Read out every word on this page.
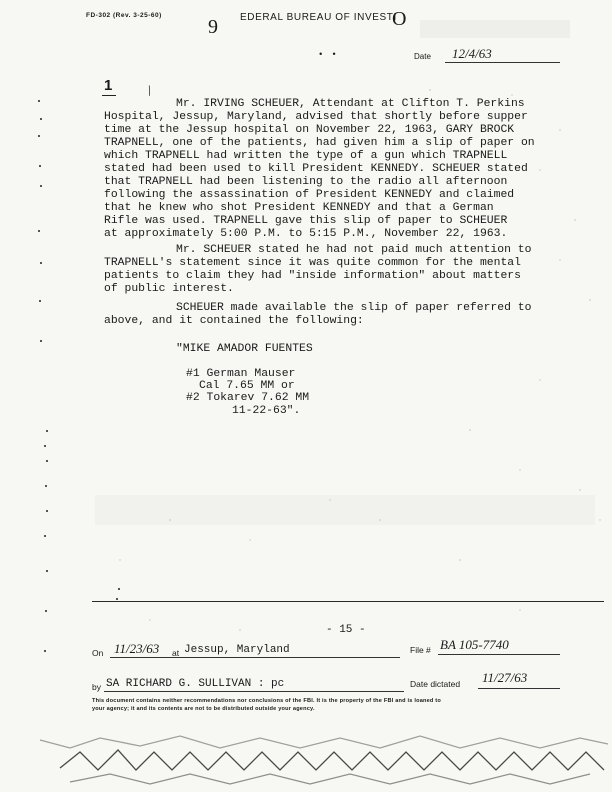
FD-302 (Rev. 3-25-60)
9 EDERAL BUREAU OF INVESTI
O
••	Date 12/4/63
1 ⁄
Mr. IRVING SCHEUER, Attendant at Clifton T. Perkins
Hospital, Jessup, Maryland, advised that shortly before supper
time at the Jessup hospital on November 22, 1963, GARY BROCK
TRAPNELL, one of the patients, had given him a slip of paper on
which TRAPNELL had written the type of a gun which TRAPNELL
stated had been used to kill President KENNEDY. SCHEUER stated
that TRAPNELL had been listening to the radio all afternoon
following the assassination of President KENNEDY and claimed
that he knew who shot President KENNEDY and that a German
Rifle was used. TRAPNELL gave this slip of paper to SCHEUER
at approximately 5:00 P.M. to 5:15 P.M., November 22, 1963.
Mr. SCHEUER stated he had not paid much attention to
TRAPNELL's statement since it was quite common for the mental
patients to claim they had "inside information" about matters
of public interest.
SCHEUER made available the slip of paper referred to
above, and it contained the following:
"MIKE AMADOR FUENTES
#1 German Mauser
Cal 7.65 MM or
#2 Tokarev 7.62 MM
11-22-63".
- 15 -
On 11/23/63 at Jessup, Maryland	File # BA 105-7740
by SA RICHARD G. SULLIVAN : pc	Date dictated 11/27/63
This document contains neither recommendations nor conclusions of the FBI. It is the property of the FBI and is loaned to
your agency; it and its contents are not to be distributed outside your agency.
